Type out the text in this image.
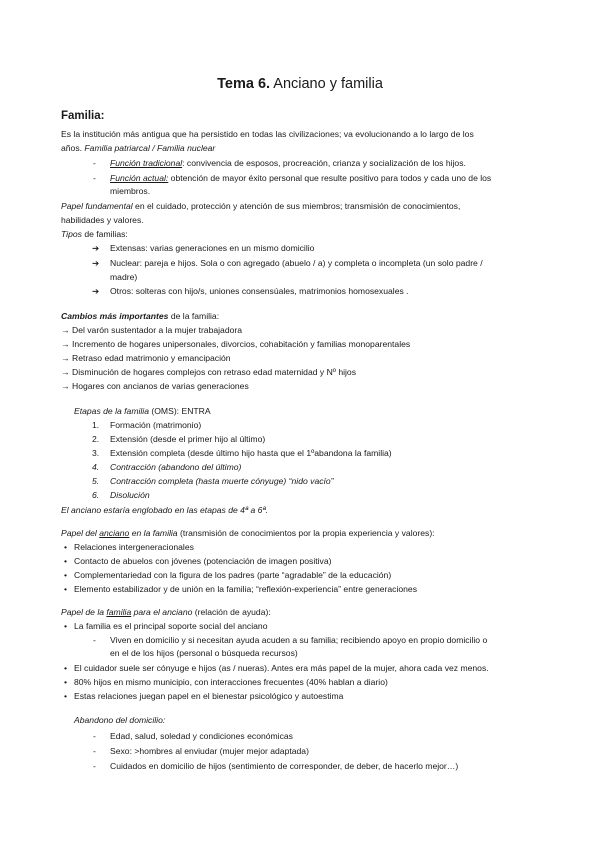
Tema 6. Anciano y familia
Familia:
Es la institución más antigua que ha persistido en todas las civilizaciones; va evolucionando a lo largo de los
años. Familia patriarcal / Familia nuclear
- Función tradicional: convivencia de esposos, procreación, crianza y socialización de los hijos.
- Función actual: obtención de mayor éxito personal que resulte positivo para todos y cada uno de los
miembros.
Papel fundamental en el cuidado, protección y atención de sus miembros; transmisión de conocimientos,
habilidades y valores.
Tipos de familias:
➔ Extensas: varias generaciones en un mismo domicilio
➔ Nuclear: pareja e hijos. Sola o con agregado (abuelo / a) y completa o incompleta (un solo padre /
madre)
➔ Otros: solteras con hijo/s, uniones consensúales, matrimonios homosexuales .
Cambios más importantes de la familia:
→ Del varón sustentador a la mujer trabajadora
→ Incremento de hogares unipersonales, divorcios, cohabitación y familias monoparentales
→ Retraso edad matrimonio y emancipación
→ Disminución de hogares complejos con retraso edad maternidad y Nº hijos
→ Hogares con ancianos de varias generaciones
Etapas de la familia (OMS): ENTRA
1. Formación (matrimonio)
2. Extensión (desde el primer hijo al último)
3. Extensión completa (desde último hijo hasta que el 1ºabandona la familia)
4. Contracción (abandono del último)
5. Contracción completa (hasta muerte cónyuge) “nido vacío”
6. Disolución
El anciano estaría englobado en las etapas de 4ª a 6ª.
Papel del anciano en la familia (transmisión de conocimientos por la propia experiencia y valores):
• Relaciones intergeneracionales
• Contacto de abuelos con jóvenes (potenciación de imagen positiva)
• Complementariedad con la figura de los padres (parte “agradable” de la educación)
• Elemento estabilizador y de unión en la familia; “reflexión-experiencia” entre generaciones
Papel de la familia para el anciano (relación de ayuda):
• La familia es el principal soporte social del anciano
- Viven en domicilio y si necesitan ayuda acuden a su familia; recibiendo apoyo en propio domicilio o
en el de los hijos (personal o búsqueda recursos)
• El cuidador suele ser cónyuge e hijos (as / nueras). Antes era más papel de la mujer, ahora cada vez menos.
• 80% hijos en mismo municipio, con interacciones frecuentes (40% hablan a diario)
• Estas relaciones juegan papel en el bienestar psicológico y autoestima
Abandono del domicilio:
- Edad, salud, soledad y condiciones económicas
- Sexo: >hombres al enviudar (mujer mejor adaptada)
- Cuidados en domicilio de hijos (sentimiento de corresponder, de deber, de hacerlo mejor…)
